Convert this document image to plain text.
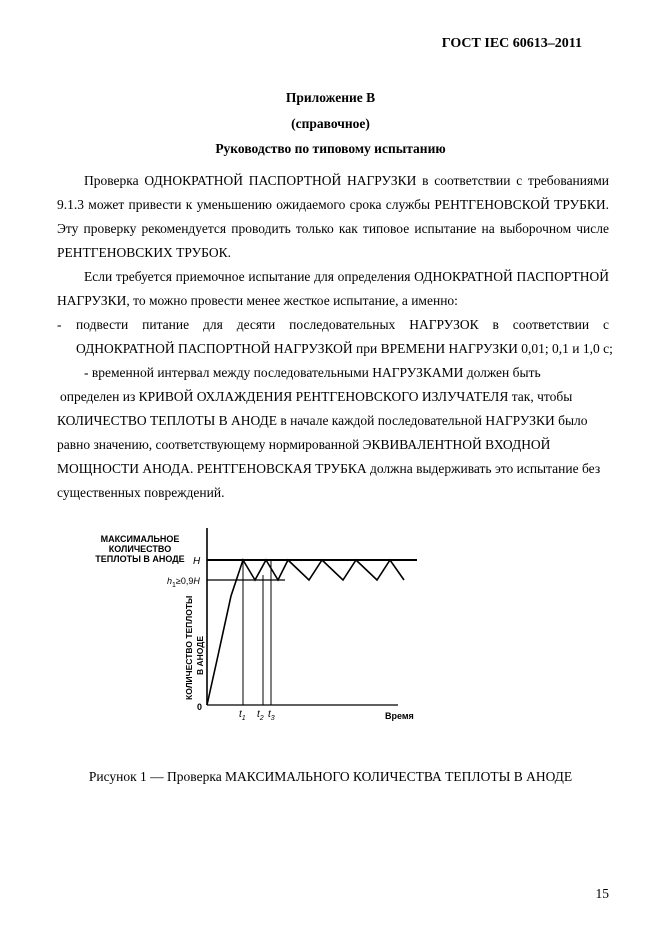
ГОСТ IEC 60613–2011
Приложение В
(справочное)
Руководство по типовому испытанию
Проверка ОДНОКРАТНОЙ ПАСПОРТНОЙ НАГРУЗКИ в соответствии с требованиями
9.1.3 может привести к уменьшению ожидаемого срока службы РЕНТГЕНОВСКОЙ ТРУБКИ.
Эту проверку рекомендуется проводить только как типовое испытание на выборочном числе
РЕНТГЕНОВСКИХ ТРУБОК.
Если требуется приемочное испытание для определения ОДНОКРАТНОЙ ПАСПОРТНОЙ
НАГРУЗКИ, то можно провести менее жесткое испытание, а именно:
- подвести питание для десяти последовательных НАГРУЗОК в соответствии с
ОДНОКРАТНОЙ ПАСПОРТНОЙ НАГРУЗКОЙ при ВРЕМЕНИ НАГРУЗКИ 0,01; 0,1 и 1,0 с;
- временной интервал между последовательными НАГРУЗКАМИ должен быть
определен из КРИВОЙ ОХЛАЖДЕНИЯ РЕНТГЕНОВСКОГО ИЗЛУЧАТЕЛЯ так, чтобы
КОЛИЧЕСТВО ТЕПЛОТЫ В АНОДЕ в начале каждой последовательной НАГРУЗКИ было
равно значению, соответствующему нормированной ЭКВИВАЛЕНТНОЙ ВХОДНОЙ
МОЩНОСТИ АНОДА. РЕНТГЕНОВСКАЯ ТРУБКА должна выдерживать это испытание без
существенных повреждений.
МАКСИМАЛЬНОЕ
КОЛИЧЕСТВО
ТЕПЛОТЫ В АНОДЕ
КОЛИЧЕСТВО ТЕПЛОТЫ В АНОДЕ
H
$h_1\ge 0,9H$
0
$t_1$ $t_2$ $t_3$	Время
Рисунок 1 — Проверка МАКСИМАЛЬНОГО КОЛИЧЕСТВА ТЕПЛОТЫ В АНОДЕ
15
